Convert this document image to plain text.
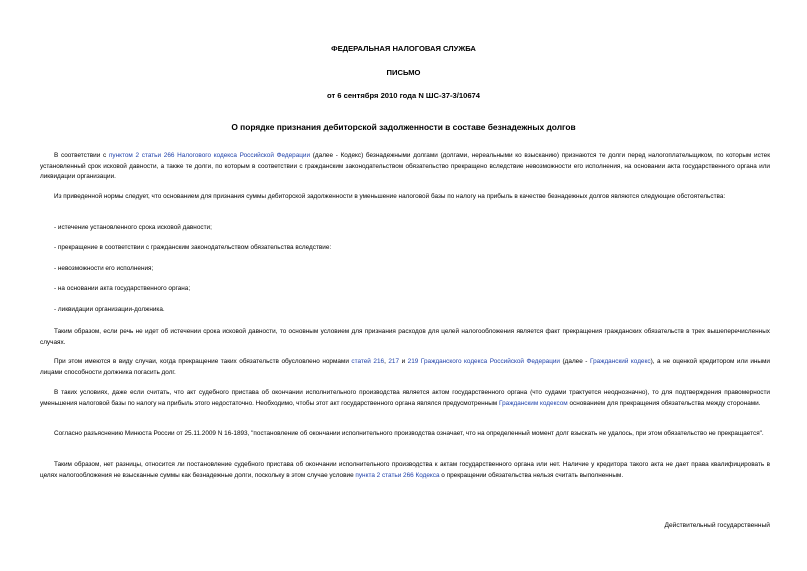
ФЕДЕРАЛЬНАЯ НАЛОГОВАЯ СЛУЖБА

ПИСЬМО

от 6 сентября 2010 года N ШС-37-3/10674

О порядке признания дебиторской задолженности в составе безнадежных долгов

В соответствии с пунктом 2 статьи 266 Налогового кодекса Российской Федерации (далее - Кодекс) безнадежными долгами (долгами, нереальными ко взысканию) признаются те долги перед налогоплательщиком, по которым истек установленный срок исковой давности, а также те долги, по которым в соответствии с гражданским законодательством обязательство прекращено вследствие невозможности его исполнения, на основании акта государственного органа или ликвидации организации.

Из приведенной нормы следует, что основанием для признания суммы дебиторской задолженности в уменьшение налоговой базы по налогу на прибыль в качестве безнадежных долгов являются следующие обстоятельства:

- истечение установленного срока исковой давности;

- прекращение в соответствии с гражданским законодательством обязательства вследствие:

- невозможности его исполнения;

- на основании акта государственного органа;

- ликвидации организации-должника.

Таким образом, если речь не идет об истечении срока исковой давности, то основным условием для признания расходов для целей налогообложения является факт прекращения гражданских обязательств в трех вышеперечисленных случаях.

При этом имеются в виду случаи, когда прекращение таких обязательств обусловлено нормами статей 216, 217 и 219 Гражданского кодекса Российской Федерации (далее - Гражданский кодекс), а не оценкой кредитором или иными лицами способности должника погасить долг.

В таких условиях, даже если считать, что акт судебного пристава об окончании исполнительного производства является актом государственного органа (что судами трактуется неоднозначно), то для подтверждения правомерности уменьшения налоговой базы по налогу на прибыль этого недостаточно. Необходимо, чтобы этот акт государственного органа являлся предусмотренным Гражданским кодексом основанием для прекращения обязательства между сторонами.

Согласно разъяснению Минюста России от 25.11.2009 N 16-1893, "постановление об окончании исполнительного производства означает, что на определенный момент долг взыскать не удалось, при этом обязательство не прекращается".

Таким образом, нет разницы, относится ли постановление судебного пристава об окончании исполнительного производства к актам государственного органа или нет. Наличие у кредитора такого акта не дает права квалифицировать в целях налогообложения не взысканные суммы как безнадежные долги, поскольку в этом случае условие пункта 2 статьи 266 Кодекса о прекращении обязательства нельзя считать выполненным.

Действительный государственный
